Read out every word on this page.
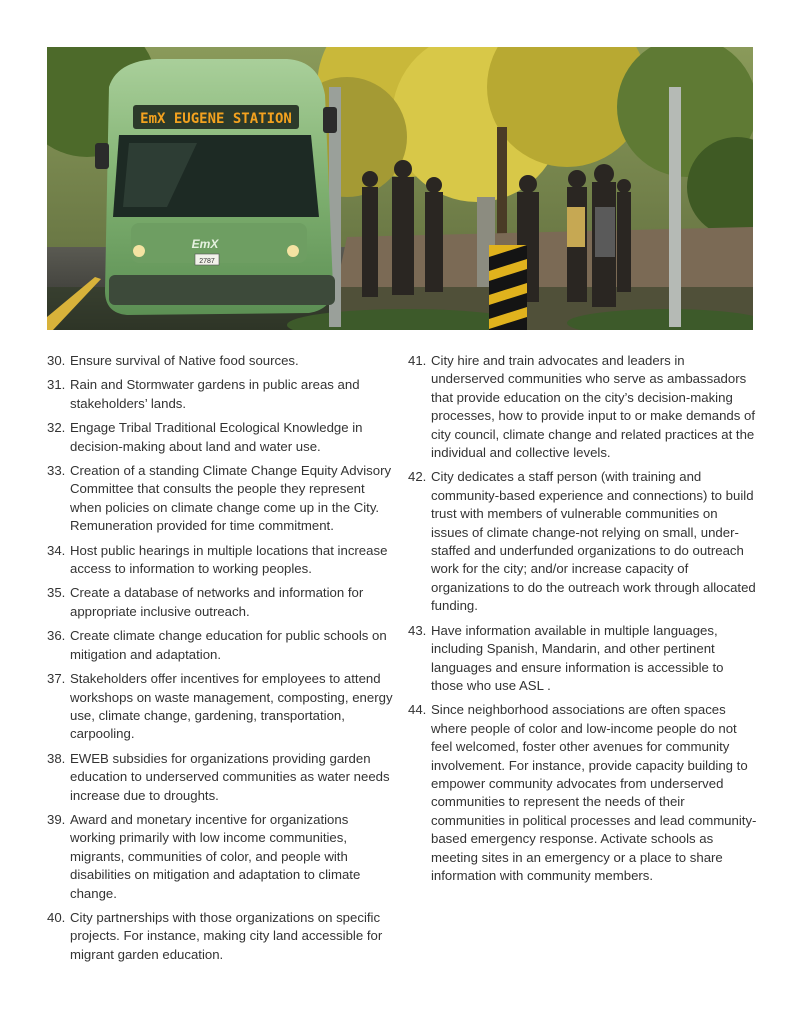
EmX EUGENE STATION
EmX
2787
30. Ensure survival of Native food sources.
31. Rain and Stormwater gardens in public areas and stakeholders’ lands.
32. Engage Tribal Traditional Ecological Knowledge in decision-making about land and water use.
33. Creation of a standing Climate Change Equity Advisory Committee that consults the people they represent when policies on climate change come up in the City. Remuneration provided for time commitment.
34. Host public hearings in multiple locations that increase access to information to working peoples.
35. Create a database of networks and information for appropriate inclusive outreach.
36. Create climate change education for public schools on mitigation and adaptation.
37. Stakeholders offer incentives for employees to attend workshops on waste management, composting, energy use, climate change, gardening, transportation, carpooling.
38. EWEB subsidies for organizations providing garden education to underserved communities as water needs increase due to droughts.
39. Award and monetary incentive for organizations working primarily with low income communities, migrants, communities of color, and people with disabilities on mitigation and adaptation to climate change.
40. City partnerships with those organizations on specific projects. For instance, making city land accessible for migrant garden education.
41. City hire and train advocates and leaders in underserved communities who serve as ambassadors that provide education on the city’s decision-making processes, how to provide input to or make demands of city council, climate change and related practices at the individual and collective levels.
42. City dedicates a staff person (with training and community-based experience and connections) to build trust with members of vulnerable communities on issues of climate change-not relying on small, under-staffed and underfunded organizations to do outreach work for the city; and/or increase capacity of organizations to do the outreach work through allocated funding.
43. Have information available in multiple languages, including Spanish, Mandarin, and other pertinent languages and ensure information is accessible to those who use ASL .
44. Since neighborhood associations are often spaces where people of color and low-income people do not feel welcomed, foster other avenues for community involvement. For instance, provide capacity building to empower community advocates from underserved communities to represent the needs of their communities in political processes and lead community-based emergency response. Activate schools as meeting sites in an emergency or a place to share information with community members.
